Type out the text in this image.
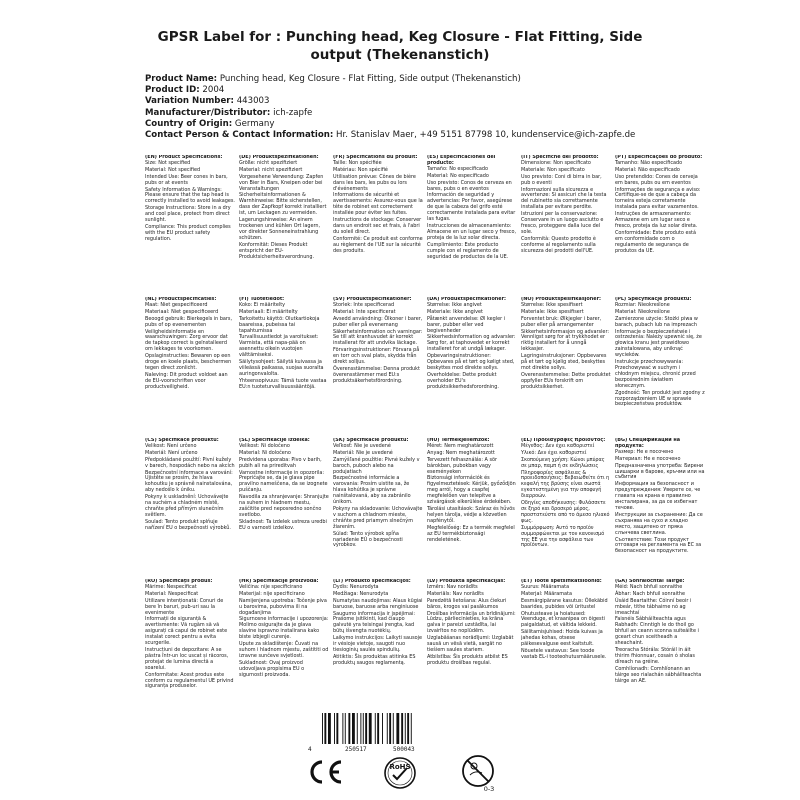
GPSR Label for : Punching head, Keg Closure - Flat Fitting, Side
output (Thekenanstich)
Product Name: Punching head, Keg Closure - Flat Fitting, Side output (Thekenanstich)
Product ID: 2004
Variation Number: 443003
Manufacturer/Distributor: ich-zapfe
Country of Origin: Germany
Contact Person & Contact Information: Hr. Stanislav Maer, +49 5151 87798 10, kundenservice@ich-zapfe.de
(EN) Product Specifications:

Size: Not specified

Material: Not specified

Intended Use: Beer cones in bars, pubs or at events

Safety Information & Warnings: Please ensure that the tap head is correctly installed to avoid leakages.

Storage Instructions: Store in a dry and cool place, protect from direct sunlight.

Compliance: This product complies with the EU product safety regulation.

(DE) Produktspezifikationen:

Größe: nicht spezifiziert

Material: nicht spezifiziert

Vorgesehene Verwendung: Zapfen von Bier in Bars, Kneipen oder bei Veranstaltungen

Sicherheitsinformationen & Warnhinweise: Bitte sicherstellen, dass der Zapfkopf korrekt installiert ist, um Leckagen zu vermeiden.

Lagerungshinweise: An einem trockenen und kühlen Ort lagern, vor direkter Sonneneinstrahlung schützen.

Konformität: Dieses Produkt entspricht der EU-Produktsicherheitsverordnung.

(FR) Spécifications du produit:

Taille: Non spécifiée

Matériau: Non spécifié

Utilisation prévue: Cônes de bière dans les bars, les pubs ou lors d'événements

Informations de sécurité et avertissements: Assurez-vous que la tête de robinet est correctement installée pour éviter les fuites.

Instructions de stockage: Conserver dans un endroit sec et frais, à l'abri du soleil direct.

Conformité: Ce produit est conforme au règlement de l'UE sur la sécurité des produits.

(ES) Especificaciones del producto:

Tamaño: No especificado

Material: No especificado

Uso previsto: Conos de cerveza en bares, pubs o en eventos

Información de seguridad y advertencias: Por favor, asegúrese de que la cabeza del grifo esté correctamente instalada para evitar las fugas.

Instrucciones de almacenamiento: Almacene en un lugar seco y fresco, proteja de la luz solar directa.

Cumplimiento: Este producto cumple con el reglamento de seguridad de productos de la UE.

(IT) Specifiche del prodotto:

Dimensione: Non specificato

Materiale: Non specificato

Uso previsto: Coni di birra in bar, pub o eventi

Informazioni sulla sicurezza e avvertenze: Si assicuri che la testa del rubinetto sia correttamente installata per evitare perdite.

Istruzioni per la conservazione: Conservare in un luogo asciutto e fresco, proteggere dalla luce del sole.

Conformità: Questo prodotto è conforme al regolamento sulla sicurezza dei prodotti dell'UE.

(PT) Especificações do produto:

Tamanho: Não especificado

Material: Não especificado

Uso pretendido: Cones de cerveja em bares, pubs ou em eventos

Informações de segurança e aviso: Certifique-se de que a cabeça da torneira esteja corretamente instalada para evitar vazamentos.

Instruções de armazenamento: Armazene em um lugar seco e fresco, proteja da luz solar direta.

Conformidade: Este produto está em conformidade com o regulamento de segurança de produtos da UE.

(NL) Productspecificaties:

Maat: Niet gespecificeerd

Materiaal: Niet gespecificeerd

Beoogd gebruik: Bierkegels in bars, pubs of op evenementen

Veiligheidsinformatie en waarschuwingen: Zorg ervoor dat de tapkop correct is geïnstalleerd om lekkages te voorkomen.

Opslaginstructies: Bewaren op een droge en koele plaats, beschermen tegen direct zonlicht.

Naleving: Dit product voldoet aan de EU-voorschriften voor productveiligheid.

(FI) Tuotetiedot:

Koko: Ei määritelty

Materiaali: Ei määritelty

Tarkoitettu käyttö: Olutkartiokoja baareissa, pubeissa tai tapahtumissa

Turvallisuustiedot ja varoitukset: Varmista, että napa-pää on asennettu oikein vuotojen välttämiseksi.

Säilytysohjeet: Säilytä kuivassa ja viileässä paikassa, suojaa suoralta auringonvalolta.

Yhteensopivuus: Tämä tuote vastaa EU:n tuoteturvallisuussääntöjä.

(SV) Produktspecifikationer:

Storlek: Inte specificerad

Material: Inte specificerat

Avsedd användning: Ölkoner i barer, puber eller på evenemang

Säkerhetsinformation och varningar: Se till att kranhuvudet är korrekt installerat för att undvika läckage.

Förvaringsinstruktioner: Förvara på en torr och sval plats, skydda från direkt solljus.

Överensstämmelse: Denna produkt överensstämmer med EU:s produktsäkerhetsförordning.

(DA) Produktspecifikationer:

Størrelse: Ikke angivet

Materiale: Ikke angivet

Påtænkt anvendelse: Øl kegler i barer, pubber eller ved begivenheder

Sikkerhedsinformation og advarsler: Sørg for, at taphovedet er korrekt installeret for at undgå lækager.

Opbevaringsinstruktioner: Opbevares på et tørt og køligt sted, beskyttes mod direkte sollys.

Overholdelse: Dette produkt overholder EU's produktsikkerhedsforordning.

(NO) Produktspesifikasjoner:

Størrelse: Ikke spesifisert

Materiale: Ikke spesifisert

Forventet bruk: Ølkjegler i barer, puber eller på arrangementer

Sikkerhetsinformasjon og advarsler: Vennligst sørg for at trykkhodet er riktig installert for å unngå lekkasjer.

Lagringsinstruksjoner: Oppbevares på et tørt og kjølig sted, beskyttes mot direkte sollys.

Overensstemmelse: Dette produktet oppfyller EUs forskrift om produktsikkerhet.

(PL) Specyfikacje produktu:

Rozmiar: Nieokreślone

Materiał: Nieokreślone

Zamierzone użycie: Stożki piwa w barach, pubach lub na imprezach

Informacje o bezpieczeństwie i ostrzeżenia: Należy upewnić się, że głowica kranu jest prawidłowo zainstalowana, aby uniknąć wycieków.

Instrukcje przechowywania: Przechowywać w suchym i chłodnym miejscu, chronić przed bezpośrednim światłem słonecznym.

Zgodność: Ten produkt jest zgodny z rozporządzeniem UE w sprawie bezpieczeństwa produktów.

(CS) Specifikace produktu:

Velikost: Není určeno

Materiál: Není určeno

Předpokládané použití: Pivní kužely v barech, hospodách nebo na akcích

Bezpečnostní informace a varování: Ujistěte se prosím, že hlava kohoutku je správně nainstalována, aby nedošlo k úniku.

Pokyny k uskladnění: Uchovávejte na suchém a chladném místě, chraňte před přímým slunečním světlem.

Soulad: Tento produkt splňuje nařízení EU o bezpečnosti výrobků.

(SL) Specifikacije izdelka:

Velikost: Ni določeno

Material: Ni določeno

Predvidena uporaba: Pivo v barih, pubih ali na prireditvah

Varnostne informacije in opozorila: Prepričajte se, da je glava pipe pravilno nameščena, da se izognete puščanju.

Navodila za shranjevanje: Shranjujte na suhem in hladnem mestu, zaščitite pred neposredno sončno svetlobo.

Skladnost: Ta izdelek ustreza uredbi EU o varnosti izdelkov.

(SK) Špecifikácie produktu:

Veľkosť: Nie je uvedené

Materiál: Nie je uvedené

Zamýšľané použitie: Pivné kužely v baroch, puboch alebo na podujatiach

Bezpečnostné informácie a varovania: Prosím uistite sa, že hlava kohútika je správne nainštalovaná, aby sa zabránilo únikom.

Pokyny na skladovanie: Uchovávajte v suchom a chladnom mieste, chráňte pred priamym slnečným žiarením.

Súlad: Tento výrobok spĺňa nariadenie EÚ o bezpečnosti výrobkov.

(HU) Termékjellemzők:

Méret: Nem meghatározott

Anyag: Nem meghatározott

Tervezett felhasználás: A sör bárokban, pubokban vagy eseményeken

Biztonsági információk és figyelmeztetések: Kérjük, győződjön meg arról, hogy a csapfej megfelelően van telepítve a szivárgások elkerülése érdekében.

Tárolási utasítások: Száraz és hűvös helyen tárolja, védje a közvetlen napfénytől.

Megfelelőség: Ez a termék megfelel az EU termékbiztonsági rendeletének.

(EL) Προδιαγραφές προϊόντος:

Μέγεθος: Δεν έχει καθοριστεί

Υλικό: Δεν έχει καθοριστεί

Σκοπούμενη χρήση: Κώνοι μπύρας σε μπαρ, παμπ ή σε εκδηλώσεις

Πληροφορίες ασφάλειας & προειδοποιήσεις: Βεβαιωθείτε ότι η κεφαλή της βρύσης είναι σωστά εγκατεστημένη για την αποφυγή διαρροών.

Οδηγίες αποθήκευσης: Φυλάσσετε σε ξηρό και δροσερό μέρος, προστατεύστε από το άμεσο ηλιακό φως.

Συμμόρφωση: Αυτό το προϊόν συμμορφώνεται με τον κανονισμό της ΕΕ για την ασφάλεια των προϊόντων.

(BG) Спецификации на продукта:

Размер: Не е посочено

Материал: Не е посочено

Предназначена употреба: Бирени шишарки в барове, кръчми или на събития

Информация за безопасност и предупреждения: Уверете се, че главата на крана е правилно инсталирана, за да се избегнат течове.

Инструкции за съхранение: Да се съхранява на сухо и хладно място, защитено от пряка слънчева светлина.

Съответствие: Този продукт отговаря на регламента на ЕС за безопасност на продуктите.

(RO) Specificații produs:

Mărime: Nespecificat

Material: Nespecificat

Utilizare intenționată: Conuri de bere în baruri, pub-uri sau la evenimente

Informații de siguranță & avertismente: Vă rugăm să vă asigurați că capul de robinet este instalat corect pentru a evita scurgerile.

Instrucțiuni de depozitare: A se păstra într-un loc uscat și răcoros, protejat de lumina directă a soarelui.

Conformitate: Acest produs este conform cu regulamentul UE privind siguranța produselor.

(HR) Specifikacije proizvoda:

Veličina: nije specificirano

Materijal: nije specificirano

Namijenjena upotreba: Točenje piva u barovima, pubovima ili na događanjima

Sigurnosne informacije i upozorenja: Molimo osigurajte da je glava slavine ispravno instalirana kako biste izbjegli curenje.

Upute za skladištenje: Čuvati na suhom i hladnom mjestu, zaštititi od izravne sunčeve svjetlosti.

Sukladnost: Ovaj proizvod udovoljava propisima EU o sigurnosti proizvoda.

(LT) Produkto specifikacijos:

Dydis: Nenurodyta

Medžiaga: Nenurodyta

Numatytas naudojimas: Alaus kūgiai baruose, baruose arba renginiuose

Saugumo informacija ir įspėjimai: Prašome įsitikinti, kad čiaupo galvutė yra teisingai įrengta, kad būtų išvengta nuotėkių.

Laikymo instrukcijos: Laikyti sausoje ir vėsioje vietoje, saugoti nuo tiesioginių saulės spindulių.

Atitiktis: Šis produktas atitinka ES produktų saugos reglamentą.

(LV) Produkta specifikācijas:

Izmērs: Nav norādīts

Materiāls: Nav norādīts

Paredzētā lietošana: Alus čiekuri bāros, krogos vai pasākumos

Drošības informācija un brīdinājumi: Lūdzu, pārliecinieties, ka krāna galva ir pareizi uzstādīta, lai izvairītos no noplūdēm.

Uzglabāšanas norādījumi: Uzglabāt sausā un vēsā vietā, sargāt no tiešiem saules stariem.

Atbilstība: Šis produkts atbilst ES produktu drošības regulai.

(ET) Toote spetsifikatsioonid:

Suurus: Määramata

Materjal: Määramata

Eesmärgipärane kasutus: Õllekäbid baarides, pubides või üritustel

Ohutusteave ja hoiatused: Veenduge, et kraanipea on õigesti paigaldatud, et vältida lekkeid.

Säilitamisjuhised: Hoida kuivas ja jahedas kohas, otsese päikesevalguse eest kaitstult.

Nõuetele vastavus: See toode vastab EL-i tooteohutusmäärusele.

(GA) Sonraíochtaí Táirge:

Méid: Nach bhfuil sonraithe

Ábhar: Nach bhfuil sonraithe

Úsáid Beartaithe: Cóinní beoir i mbeár, tithe tábhairne nó ag imeachtaí

Faisnéis Sábháilteachta agus Rabhadh: Cinntigh le do thoil go bhfuil an ceann sconna suiteáilte i gceart chun sceitheadh a sheachaint.

Treoracha Stórála: Stóráil in áit thirim fhionnuar, cosain ó sholas díreach na gréine.

Comhlíonadh: Comhlíonann an táirge seo rialachán sábháilteachta táirge an AE.

4	250517	500043
RoHS
0-3
